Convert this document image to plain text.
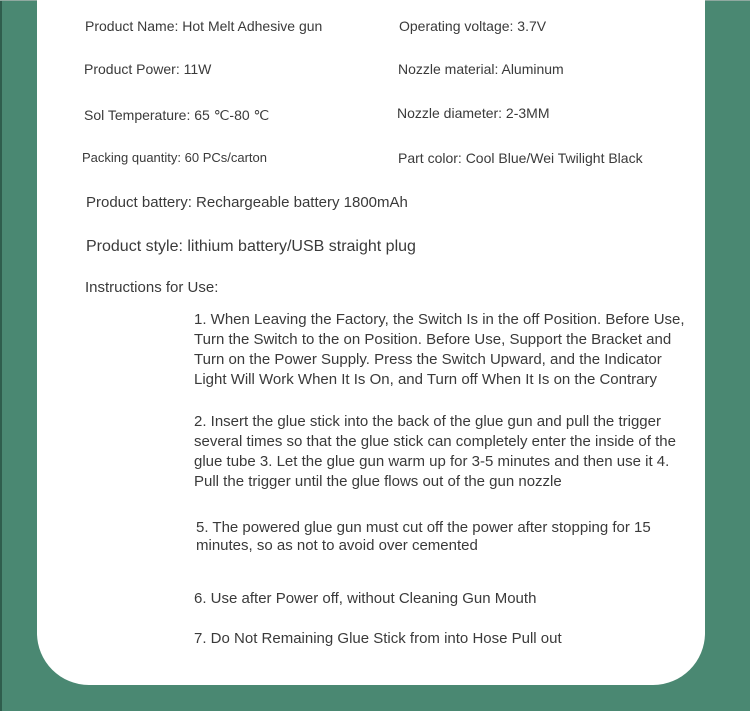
Product Name: Hot Melt Adhesive gun	Operating voltage: 3.7V
Product Power: 11W	Nozzle material: Aluminum
Sol Temperature: 65 ℃-80 ℃	Nozzle diameter: 2-3MM
Packing quantity: 60 PCs/carton	Part color: Cool Blue/Wei Twilight Black
Product battery: Rechargeable battery 1800mAh
Product style: lithium battery/USB straight plug
Instructions for Use:
1. When Leaving the Factory, the Switch Is in the off Position. Before Use, Turn the Switch to the on Position. Before Use, Support the Bracket and Turn on the Power Supply. Press the Switch Upward, and the Indicator Light Will Work When It Is On, and Turn off When It Is on the Contrary
2. Insert the glue stick into the back of the glue gun and pull the trigger several times so that the glue stick can completely enter the inside of the glue tube 3. Let the glue gun warm up for 3-5 minutes and then use it 4. Pull the trigger until the glue flows out of the gun nozzle
5. The powered glue gun must cut off the power after stopping for 15 minutes, so as not to avoid over cemented
6. Use after Power off, without Cleaning Gun Mouth
7. Do Not Remaining Glue Stick from into Hose Pull out
